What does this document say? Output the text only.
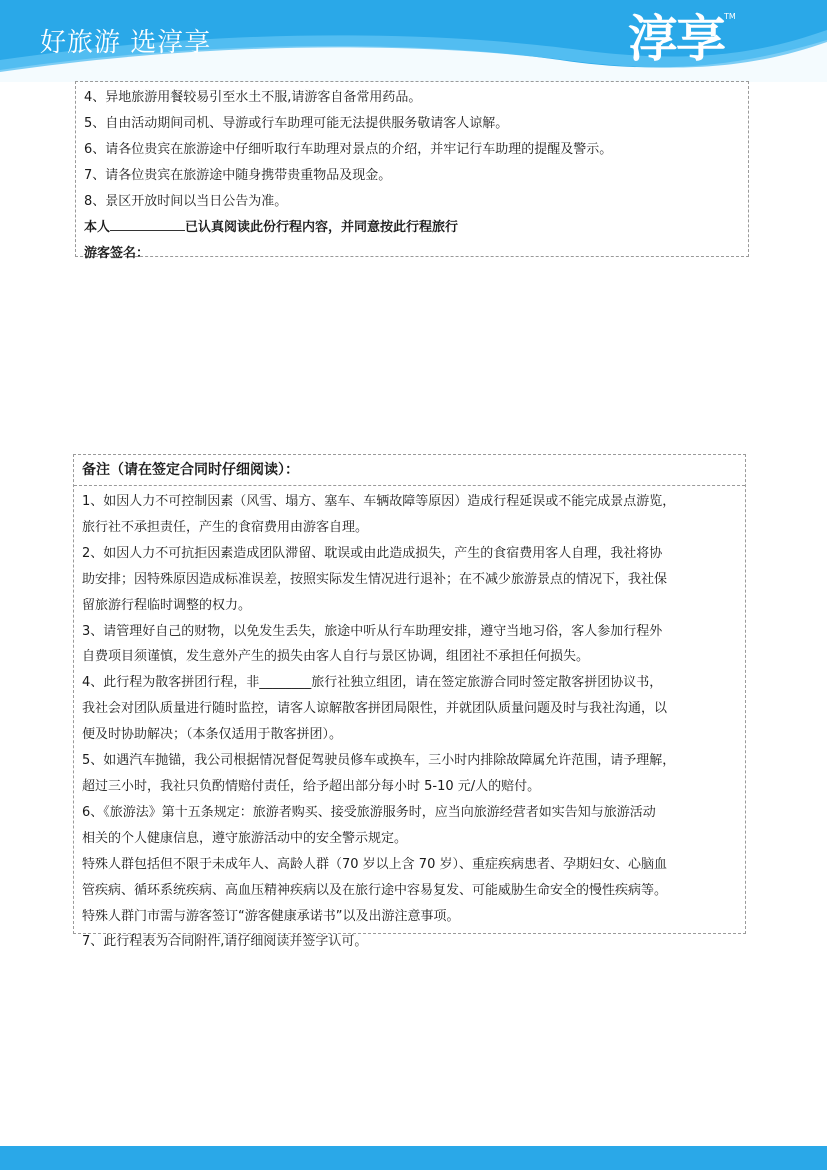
好旅游 选淳享	淳享 TM
4、异地旅游用餐较易引至水土不服,请游客自备常用药品。
5、自由活动期间司机、导游或行车助理可能无法提供服务敬请客人谅解。
6、请各位贵宾在旅游途中仔细听取行车助理对景点的介绍，并牢记行车助理的提醒及警示。
7、请各位贵宾在旅游途中随身携带贵重物品及现金。
8、景区开放时间以当日公告为准。
本人	已认真阅读此份行程内容，并同意按此行程旅行
游客签名：
备注（请在签定合同时仔细阅读）：
1、如因人力不可控制因素（风雪、塌方、塞车、车辆故障等原因）造成行程延误或不能完成景点游览，
旅行社不承担责任，产生的食宿费用由游客自理。
2、如因人力不可抗拒因素造成团队滞留、耽误或由此造成损失，产生的食宿费用客人自理，我社将协
助安排；因特殊原因造成标准误差，按照实际发生情况进行退补；在不减少旅游景点的情况下，我社保
留旅游行程临时调整的权力。
3、请管理好自己的财物，以免发生丢失，旅途中听从行车助理安排，遵守当地习俗，客人参加行程外
自费项目须谨慎，发生意外产生的损失由客人自行与景区协调，组团社不承担任何损失。
4、此行程为散客拼团行程，非________旅行社独立组团，请在签定旅游合同时签定散客拼团协议书，
我社会对团队质量进行随时监控，请客人谅解散客拼团局限性，并就团队质量问题及时与我社沟通，以
便及时协助解决；（本条仅适用于散客拼团）。
5、如遇汽车抛锚，我公司根据情况督促驾驶员修车或换车，三小时内排除故障属允许范围，请予理解，
超过三小时，我社只负酌情赔付责任，给予超出部分每小时 5-10 元/人的赔付。
6、《旅游法》第十五条规定：旅游者购买、接受旅游服务时，应当向旅游经营者如实告知与旅游活动
相关的个人健康信息，遵守旅游活动中的安全警示规定。
特殊人群包括但不限于未成年人、高龄人群（70 岁以上含 70 岁）、重症疾病患者、孕期妇女、心脑血
管疾病、循环系统疾病、高血压精神疾病以及在旅行途中容易复发、可能威胁生命安全的慢性疾病等。
特殊人群门市需与游客签订“游客健康承诺书”以及出游注意事项。
7、此行程表为合同附件,请仔细阅读并签字认可。
